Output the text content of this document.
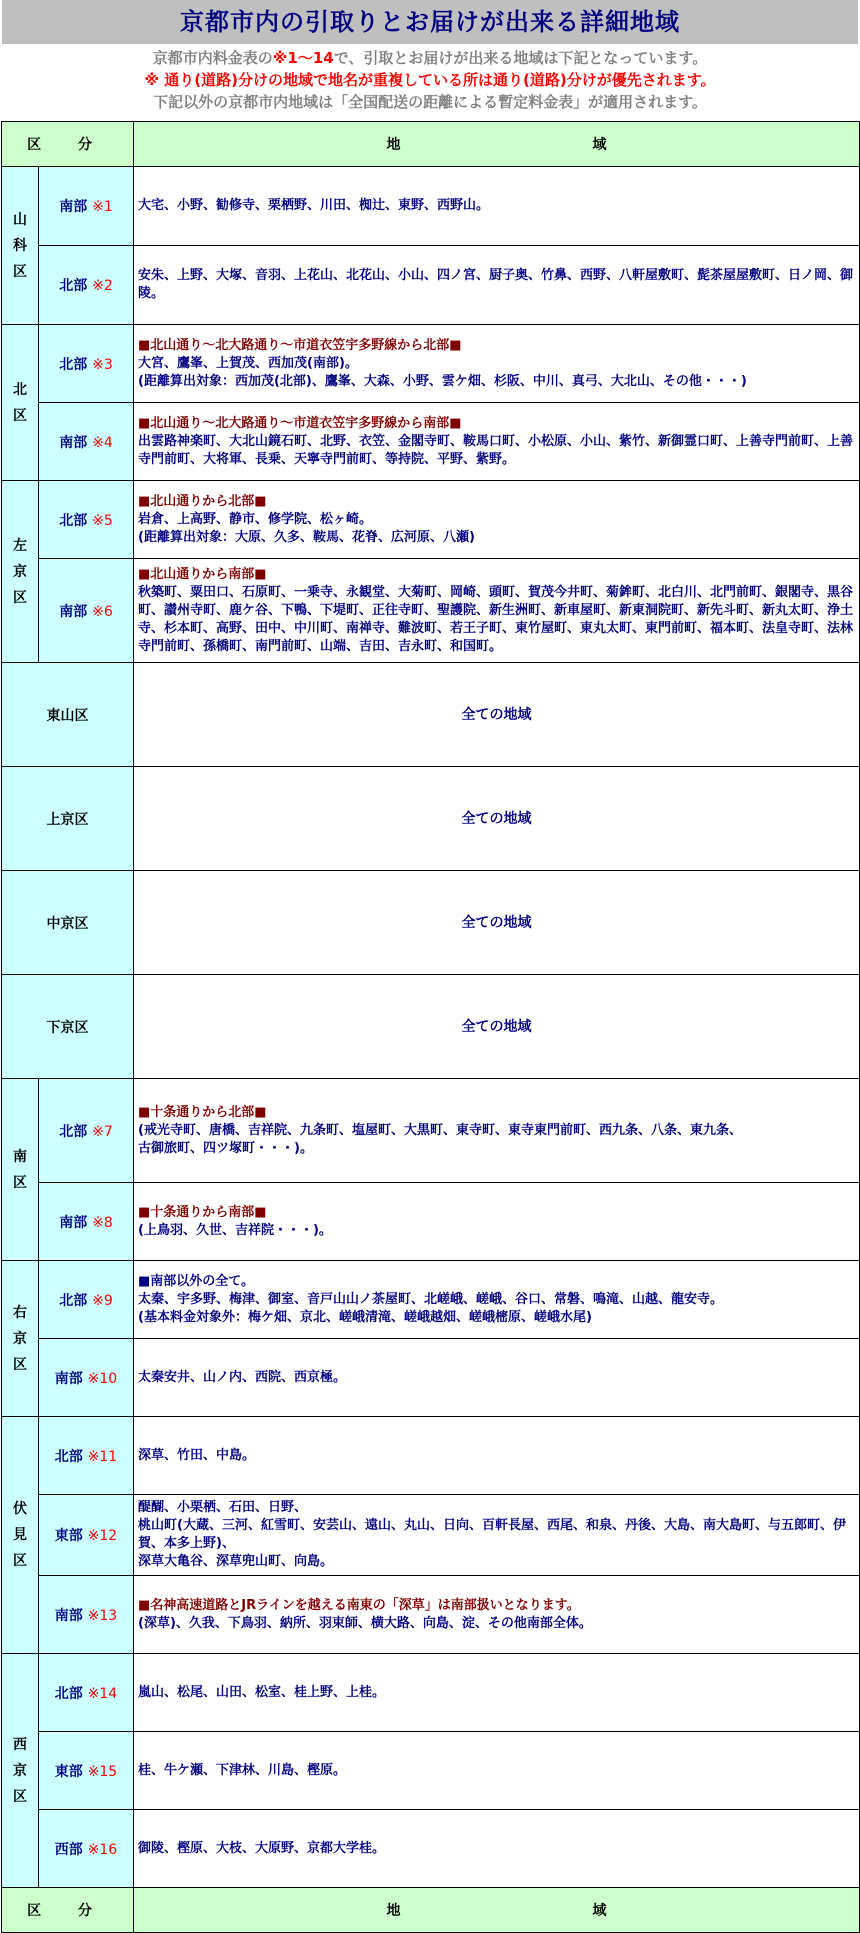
京都市内の引取りとお届けが出来る詳細地域
京都市内料金表の※1～14で、引取とお届けが出来る地域は下記となっています。
※ 通り(道路)分けの地域で地名が重複している所は通り(道路)分けが優先されます。
下記以外の京都市内地域は「全国配送の距離による暫定料金表」が適用されます。
区 分		地 域

山
科
区	南部 ※1	大宅、小野、勧修寺、栗栖野、川田、椥辻、東野、西野山。

	北部 ※2	安朱、上野、大塚、音羽、上花山、北花山、小山、四ノ宮、厨子奥、竹鼻、西野、八軒屋敷町、髭茶屋屋敷町、日ノ岡、御陵。

北
区	北部 ※3	■北山通り～北大路通り～市道衣笠宇多野線から北部■
大宮、鷹峯、上賀茂、西加茂(南部)。
(距離算出対象：西加茂(北部)、鷹峯、大森、小野、雲ケ畑、杉阪、中川、真弓、大北山、その他・・・)

	南部 ※4	■北山通り～北大路通り～市道衣笠宇多野線から南部■
出雲路神楽町、大北山鏡石町、北野、衣笠、金閣寺町、鞍馬口町、小松原、小山、紫竹、新御霊口町、上善寺門前町、上善寺門前町、大将軍、長乗、天寧寺門前町、等持院、平野、紫野。

左
京
区	北部 ※5	■北山通りから北部■
岩倉、上高野、静市、修学院、松ヶ崎。
(距離算出対象：大原、久多、鞍馬、花脊、広河原、八瀬)

	南部 ※6	■北山通りから南部■
秋築町、粟田口、石原町、一乗寺、永観堂、大菊町、岡崎、頭町、賀茂今井町、菊鉾町、北白川、北門前町、銀閣寺、黒谷町、讃州寺町、鹿ケ谷、下鴨、下堤町、正往寺町、聖護院、新生洲町、新車屋町、新東洞院町、新先斗町、新丸太町、浄土寺、杉本町、高野、田中、中川町、南禅寺、難波町、若王子町、東竹屋町、東丸太町、東門前町、福本町、法皇寺町、法林寺門前町、孫橋町、南門前町、山端、吉田、吉永町、和国町。

東山区		全ての地域
上京区		全ての地域
中京区		全ての地域
下京区		全ての地域

南
区	北部 ※7	■十条通りから北部■
(戒光寺町、唐橋、吉祥院、九条町、塩屋町、大黒町、東寺町、東寺東門前町、西九条、八条、東九条、
古御旅町、四ツ塚町・・・)。

	南部 ※8	■十条通りから南部■
(上鳥羽、久世、吉祥院・・・)。

右
京
区	北部 ※9	■南部以外の全て。
太秦、宇多野、梅津、御室、音戸山山ノ茶屋町、北嵯峨、嵯峨、谷口、常磐、鳴滝、山越、龍安寺。
(基本料金対象外：梅ケ畑、京北、嵯峨清滝、嵯峨越畑、嵯峨樒原、嵯峨水尾)

	南部 ※10	太秦安井、山ノ内、西院、西京極。

伏
見
区	北部 ※11	深草、竹田、中島。

	東部 ※12	醍醐、小栗栖、石田、日野、
桃山町(大蔵、三河、紅雪町、安芸山、遠山、丸山、日向、百軒長屋、西尾、和泉、丹後、大島、南大島町、与五郎町、伊賀、本多上野)、
深草大亀谷、深草兜山町、向島。

	南部 ※13	■名神高速道路とJRラインを越える南東の「深草」は南部扱いとなります。
(深草)、久我、下鳥羽、納所、羽束師、横大路、向島、淀、その他南部全体。

西
京
区	北部 ※14	嵐山、松尾、山田、松室、桂上野、上桂。

	東部 ※15	桂、牛ケ瀬、下津林、川島、樫原。

	西部 ※16	御陵、樫原、大枝、大原野、京都大学桂。

区 分		地 域
